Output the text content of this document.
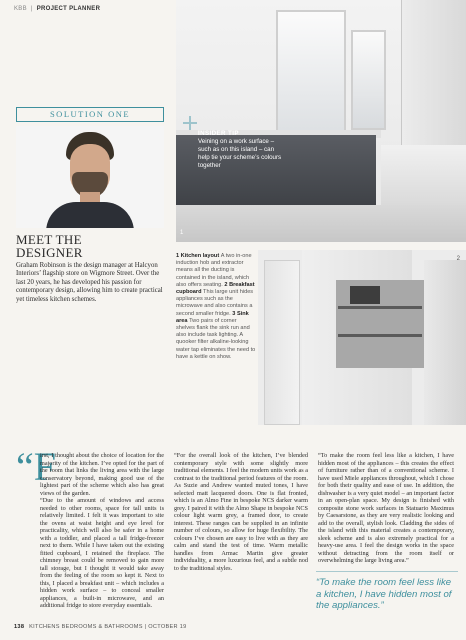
KBB | PROJECT PLANNER
1
INSIDER TIP
Veining on a work surface – such as on this island – can help tie your scheme’s colours together
SOLUTION ONE
MEET THE
DESIGNER
Graham Robinson is the design manager at Halcyon Interiors’ flagship store on Wigmore Street. Over the last 20 years, he has developed his passion for contemporary design, allowing him to create practical yet timeless kitchen schemes.
1 Kitchen layout A two in-one induction hob and extractor means all the ducting is contained in the island, which also offers seating. 2 Breakfast cupboard This large unit hides appliances such as the microwave and also contains a second smaller fridge. 3 Sink area Two pairs of corner shelves flank the sink run and also include task lighting. A quooker filter alkaline-looking water tap eliminates the need to have a kettle on show.
2
“F

irst, I thought about the choice of location for the majority of the kitchen. I’ve opted for the part of the room that links the living area with the large conservatory beyond, making good use of the lightest part of the scheme which also has great views of the garden.

“Due to the amount of windows and access needed to other rooms, space for tall units is relatively limited. I felt it was important to site the ovens at waist height and eye level for practicality, which will also be safer in a home with a toddler, and placed a tall fridge-freezer next to them. While I have taken out the existing fitted cupboard, I retained the fireplace. The chimney breast could be removed to gain more tall storage, but I thought it would take away from the feeling of the room so kept it. Next to this, I placed a breakfast unit – which includes a hidden work surface – to conceal smaller appliances, a built-in microwave, and an additional fridge to store everyday essentials.

“For the overall look of the kitchen, I’ve blended contemporary style with some slightly more traditional elements. I feel the modern units work as a contrast to the traditional period features of the room. As Suzie and Andrew wanted muted tones, I have selected matt lacquered doors. One is flat fronted, which is an Almo Fine in bespoke NCS darker warm grey. I paired it with the Almo Shape in bespoke NCS colour light warm grey, a framed door, to create interest. These ranges can be supplied in an infinite number of colours, so allow for huge flexibility. The colours I’ve chosen are easy to live with as they are calm and stand the test of time. Warm metallic handles from Armac Martin give greater individuality, a more luxurious feel, and a subtle nod to the traditional styles.

“To make the room feel less like a kitchen, I have hidden most of the appliances – this creates the effect of furniture rather than of a conventional scheme. I have used Miele appliances throughout, which I chose for both their quality and ease of use. In addition, the dishwasher is a very quiet model – an important factor in an open-plan space. My design is finished with composite stone work surfaces in Statuario Maximus by Caesarstone, as they are very realistic looking and add to the overall, stylish look. Cladding the sides of the island with this material creates a contemporary, sleek scheme and is also extremely practical for a heavy-use area. I feel the design works in the space without detracting from the room itself or overwhelming the large living area.”

“To make the room feel less like a kitchen, I have hidden most of the appliances.”
138 KITCHENS BEDROOMS & BATHROOMS | OCTOBER 19
